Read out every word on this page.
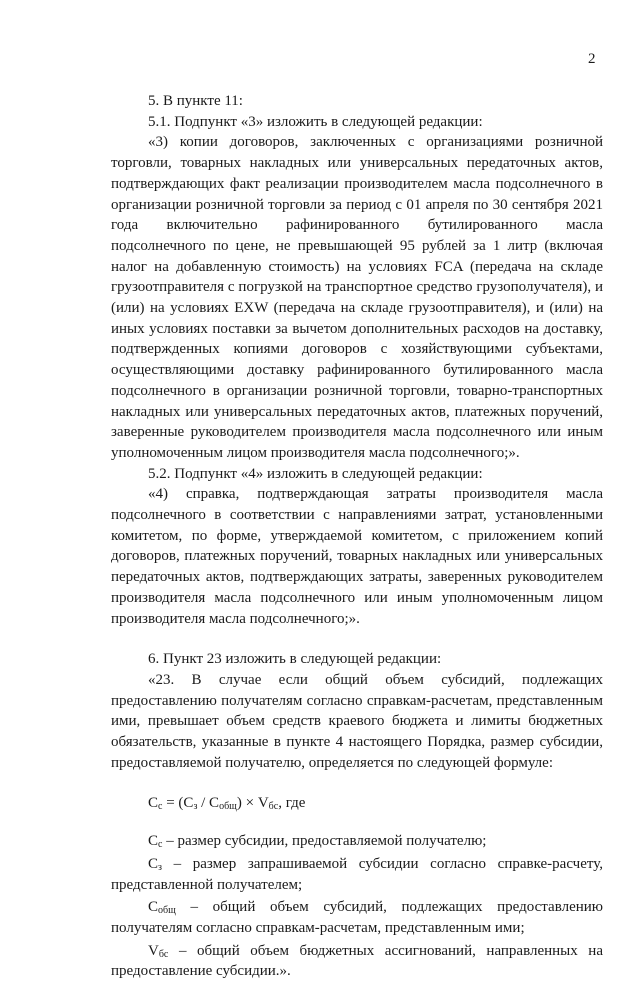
2

5. В пункте 11:

5.1. Подпункт «3» изложить в следующей редакции:

«3) копии договоров, заключенных с организациями розничной торговли, товарных накладных или универсальных передаточных актов, подтверждающих факт реализации производителем масла подсолнечного в организации розничной торговли за период с 01 апреля по 30 сентября 2021 года включительно рафинированного бутилированного масла подсолнечного по цене, не превышающей 95 рублей за 1 литр (включая налог на добавленную стоимость) на условиях FCA (передача на складе грузоотправителя с погрузкой на транспортное средство грузополучателя), и (или) на условиях EXW (передача на складе грузоотправителя), и (или) на иных условиях поставки за вычетом дополнительных расходов на доставку, подтвержденных копиями договоров с хозяйствующими субъектами, осуществляющими доставку рафинированного бутилированного масла подсолнечного в организации розничной торговли, товарно-транспортных накладных или универсальных передаточных актов, платежных поручений, заверенные руководителем производителя масла подсолнечного или иным уполномоченным лицом производителя масла подсолнечного;».

5.2. Подпункт «4» изложить в следующей редакции:

«4) справка, подтверждающая затраты производителя масла подсолнечного в соответствии с направлениями затрат, установленными комитетом, по форме, утверждаемой комитетом, с приложением копий договоров, платежных поручений, товарных накладных или универсальных передаточных актов, подтверждающих затраты, заверенных руководителем производителя масла подсолнечного или иным уполномоченным лицом производителя масла подсолнечного;».

6. Пункт 23 изложить в следующей редакции:

«23. В случае если общий объем субсидий, подлежащих предоставлению получателям согласно справкам-расчетам, представленным ими, превышает объем средств краевого бюджета и лимиты бюджетных обязательств, указанные в пункте 4 настоящего Порядка, размер субсидии, предоставляемой получателю, определяется по следующей формуле:

$С_с = (С_з / С_{общ}) \times V_{бс}$, где

$С_с$ – размер субсидии, предоставляемой получателю;

$С_з$ – размер запрашиваемой субсидии согласно справке-расчету, представленной получателем;

$С_{общ}$ – общий объем субсидий, подлежащих предоставлению получателям согласно справкам-расчетам, представленным ими;

$V_{бс}$ – общий объем бюджетных ассигнований, направленных на предоставление субсидии.».
